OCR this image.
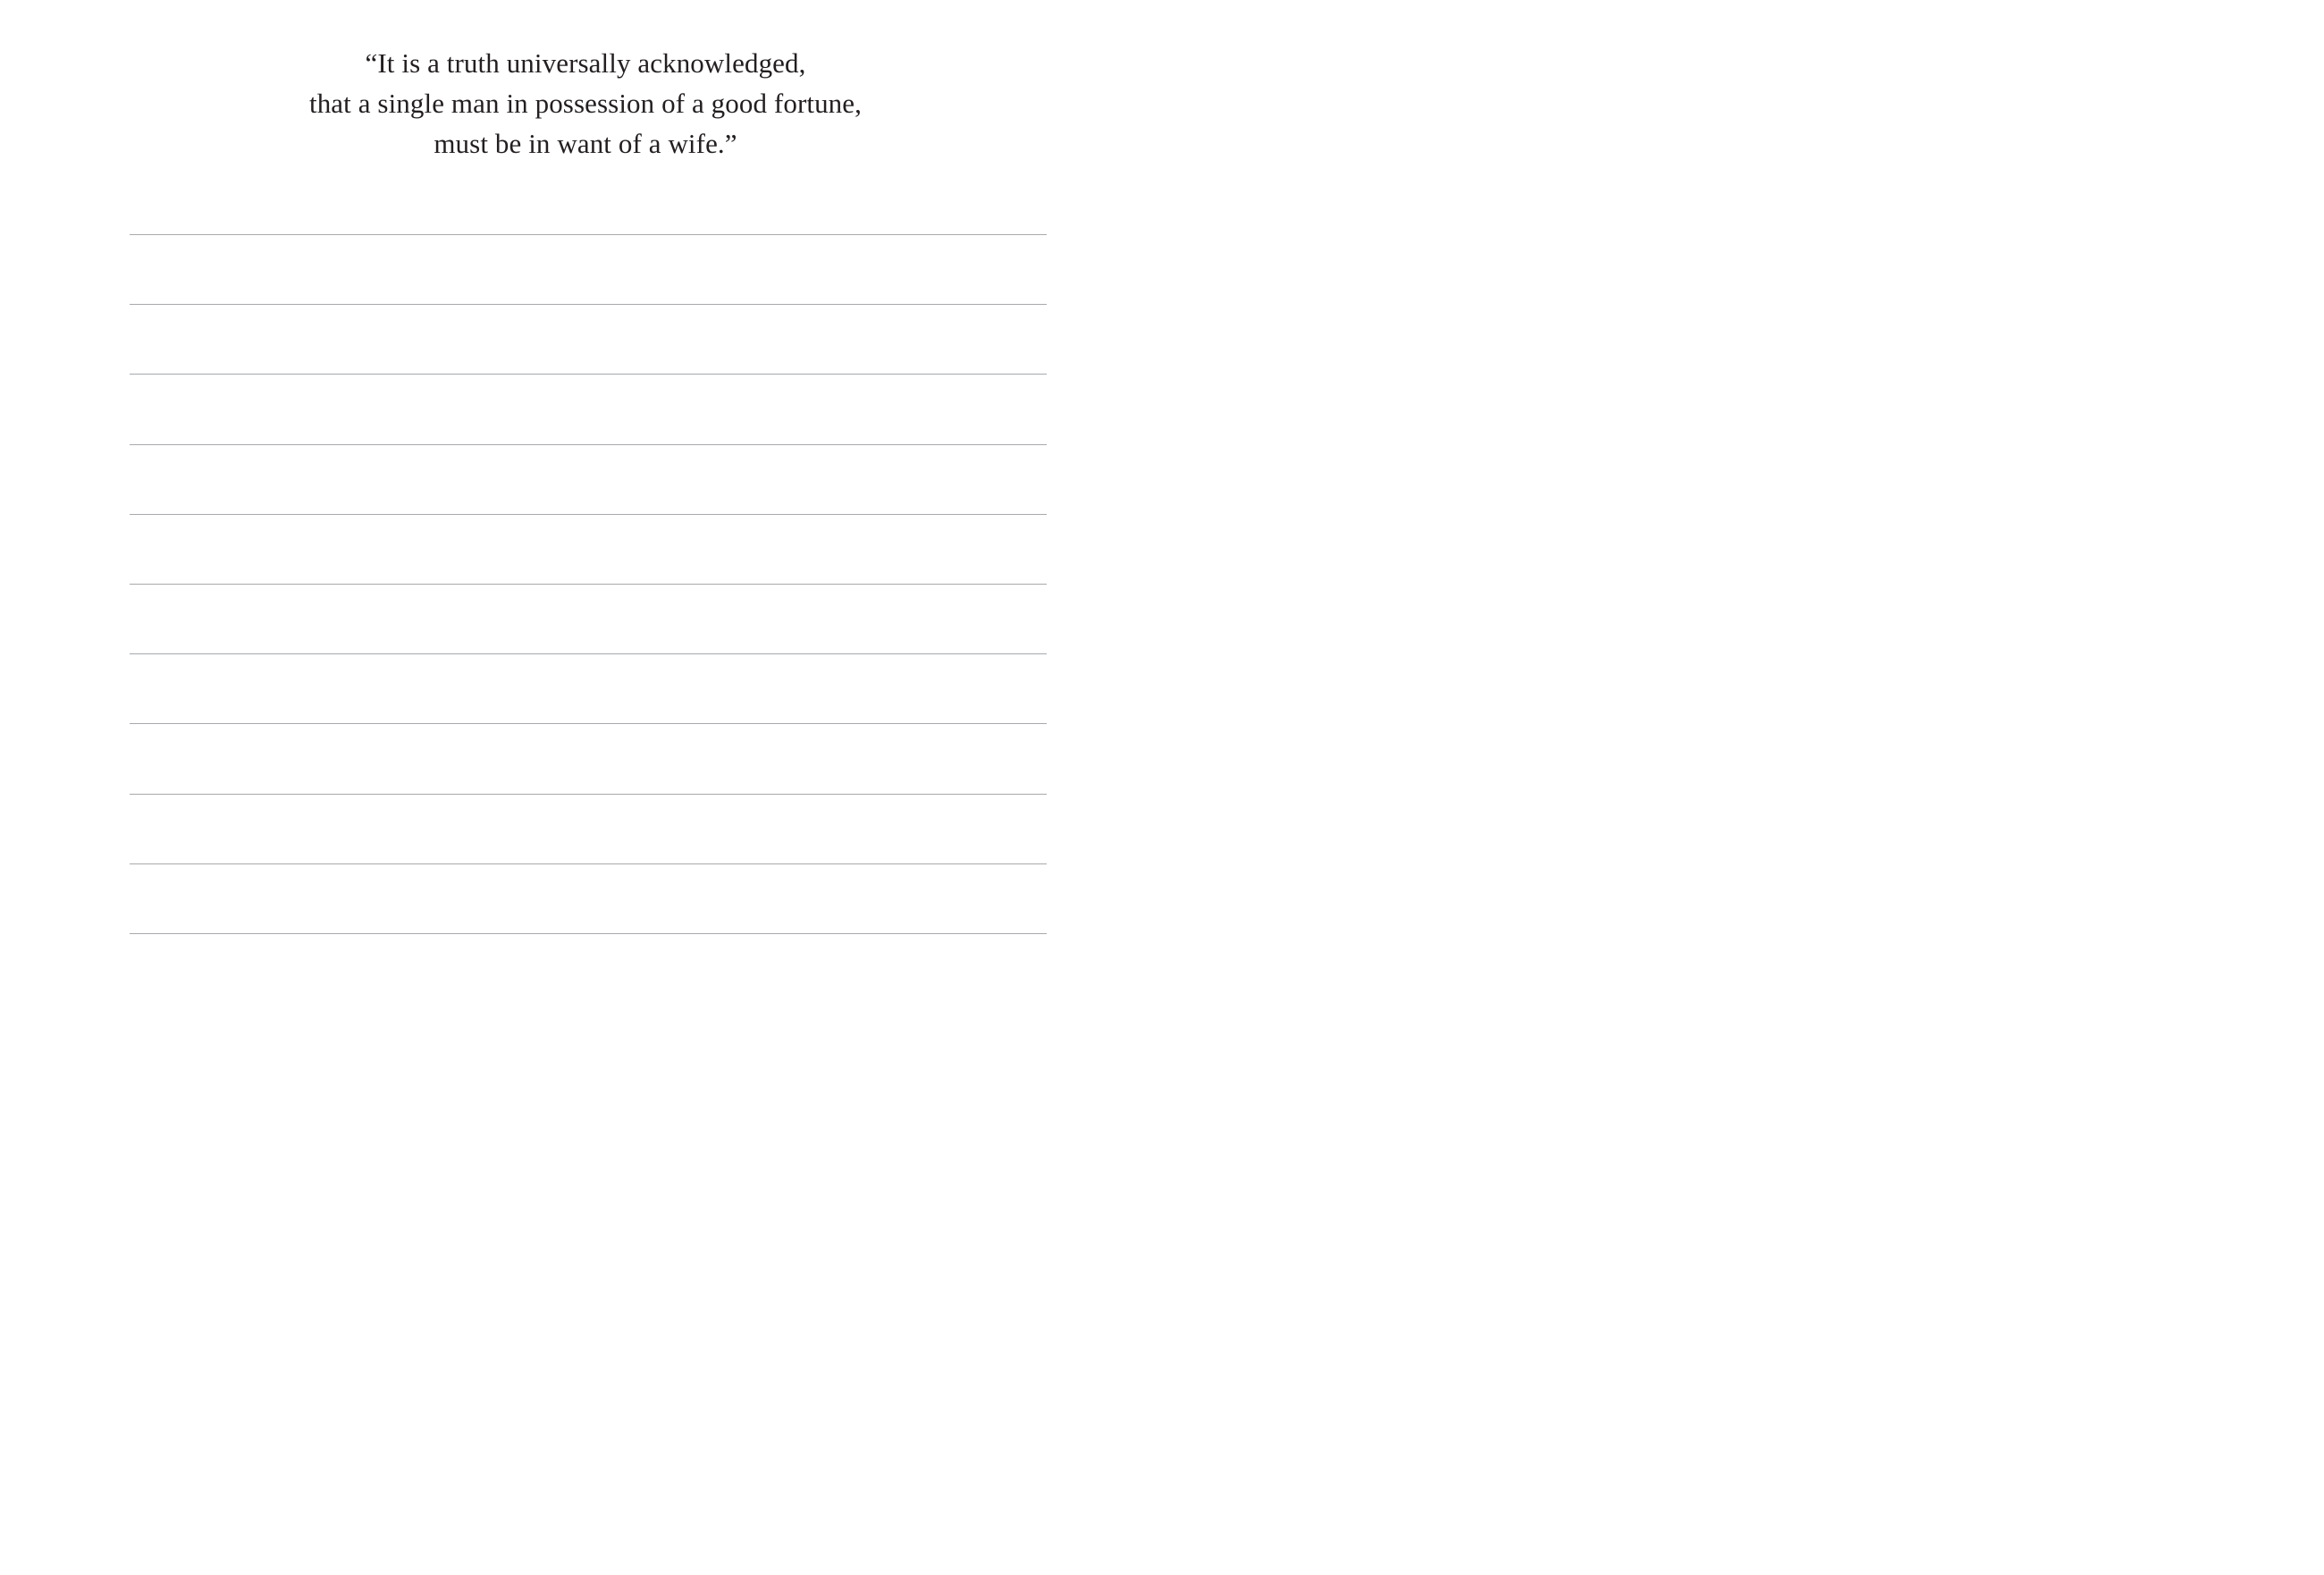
“It is a truth universally acknowledged,
that a single man in possession of a good fortune,
must be in want of a wife.”
